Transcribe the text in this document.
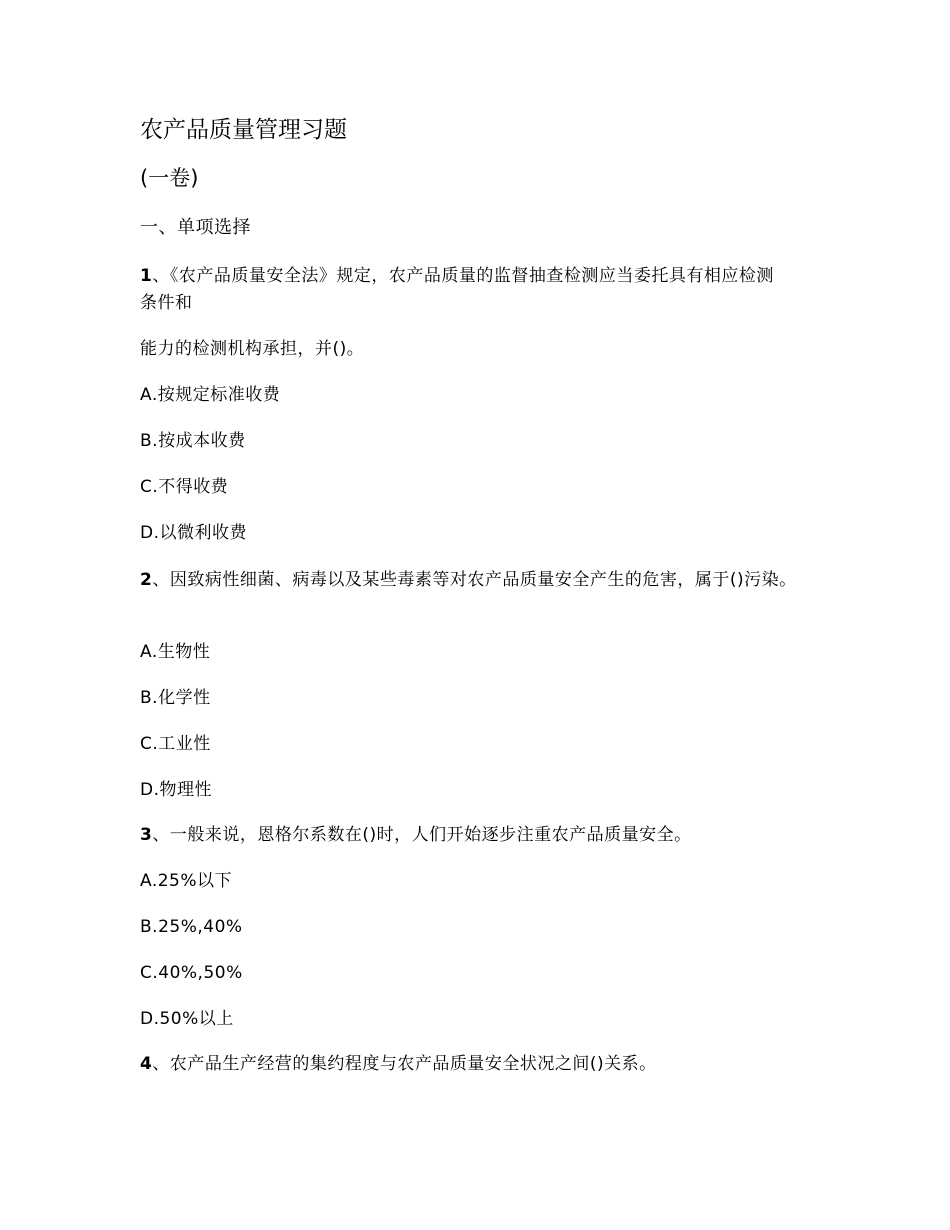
农产品质量管理习题
(一卷)
一、单项选择
1、《农产品质量安全法》规定，农产品质量的监督抽查检测应当委托具有相应检测
条件和
能力的检测机构承担，并()。
A.按规定标准收费
B.按成本收费
C.不得收费
D.以微利收费
2、因致病性细菌、病毒以及某些毒素等对农产品质量安全产生的危害，属于()污染。
A.生物性
B.化学性
C.工业性
D.物理性
3、一般来说，恩格尔系数在()时，人们开始逐步注重农产品质量安全。
A.25%以下
B.25%,40%
C.40%,50%
D.50%以上
4、农产品生产经营的集约程度与农产品质量安全状况之间()关系。
